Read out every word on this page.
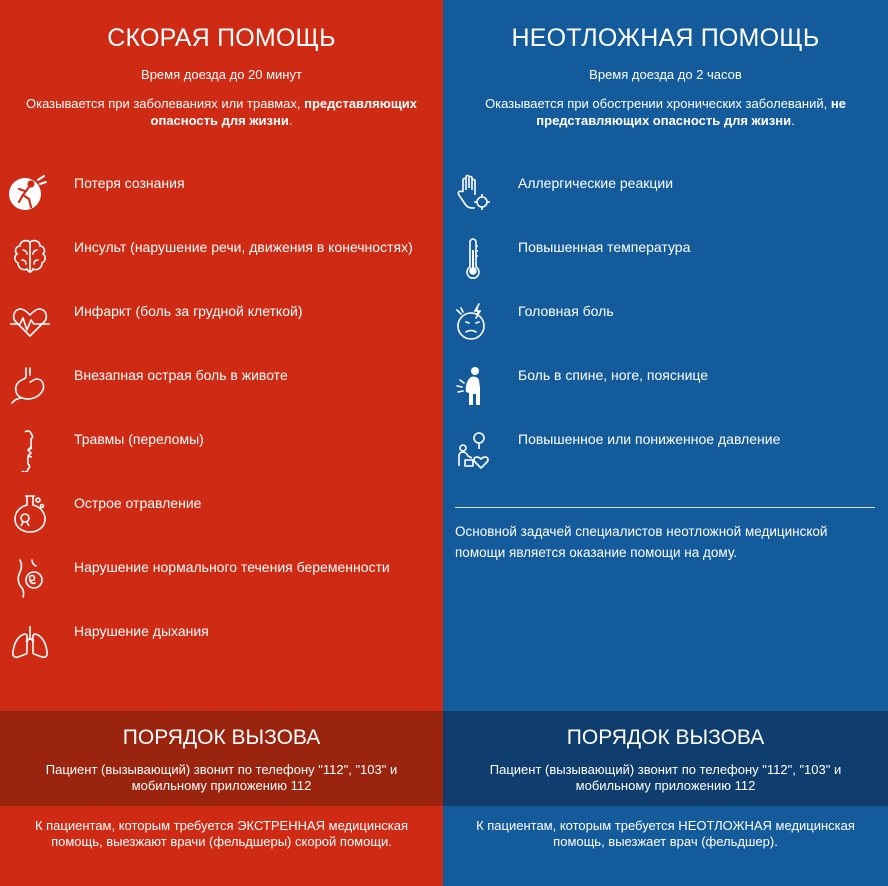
СКОРАЯ ПОМОЩЬ
Время доезда до 20 минут
Оказывается при заболеваниях или травмах, представляющих опасность для жизни.
Потеря сознания
Инсульт (нарушение речи, движения в конечностях)
Инфаркт (боль за грудной клеткой)
Внезапная острая боль в животе
Травмы (переломы)
Острое отравление
Нарушение нормального течения беременности
Нарушение дыхания
ПОРЯДОК ВЫЗОВА
Пациент (вызывающий) звонит по телефону "112", "103" и мобильному приложению 112
К пациентам, которым требуется ЭКСТРЕННАЯ медицинская помощь, выезжают врачи (фельдшеры) скорой помощи.
НЕОТЛОЖНАЯ ПОМОЩЬ
Время доезда до 2 часов
Оказывается при обострении хронических заболеваний, не представляющих опасность для жизни.
Аллергические реакции
Повышенная температура
Головная боль
Боль в спине, ноге, пояснице
Повышенное или пониженное давление
Основной задачей специалистов неотложной медицинской помощи является оказание помощи на дому.
ПОРЯДОК ВЫЗОВА
Пациент (вызывающий) звонит по телефону "112", "103" и мобильному приложению 112
К пациентам, которым требуется НЕОТЛОЖНАЯ медицинская помощь, выезжает врач (фельдшер).
